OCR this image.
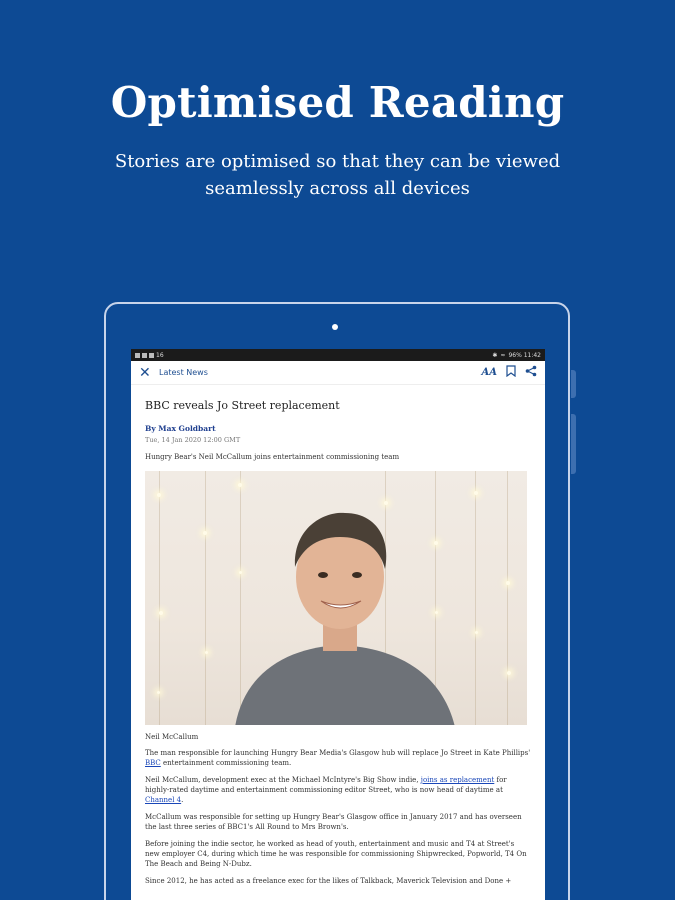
Optimised Reading
Stories are optimised so that they can be viewed
seamlessly across all devices
16	✱ ≈ 96% 11:42
✕	Latest News	AA
BBC reveals Jo Street replacement
By Max Goldbart
Tue, 14 Jan 2020 12:00 GMT
Hungry Bear's Neil McCallum joins entertainment commissioning team
Neil McCallum

The man responsible for launching Hungry Bear Media's Glasgow hub will replace Jo Street in Kate Phillips' BBC entertainment commissioning team.

Neil McCallum, development exec at the Michael McIntyre's Big Show indie, joins as replacement for highly-rated daytime and entertainment commissioning editor Street, who is now head of daytime at Channel 4.

McCallum was responsible for setting up Hungry Bear's Glasgow office in January 2017 and has overseen the last three series of BBC1's All Round to Mrs Brown's.

Before joining the indie sector, he worked as head of youth, entertainment and music and T4 at Street's new employer C4, during which time he was responsible for commissioning Shipwrecked, Popworld, T4 On The Beach and Being N-Dubz.

Since 2012, he has acted as a freelance exec for the likes of Talkback, Maverick Television and Done +
